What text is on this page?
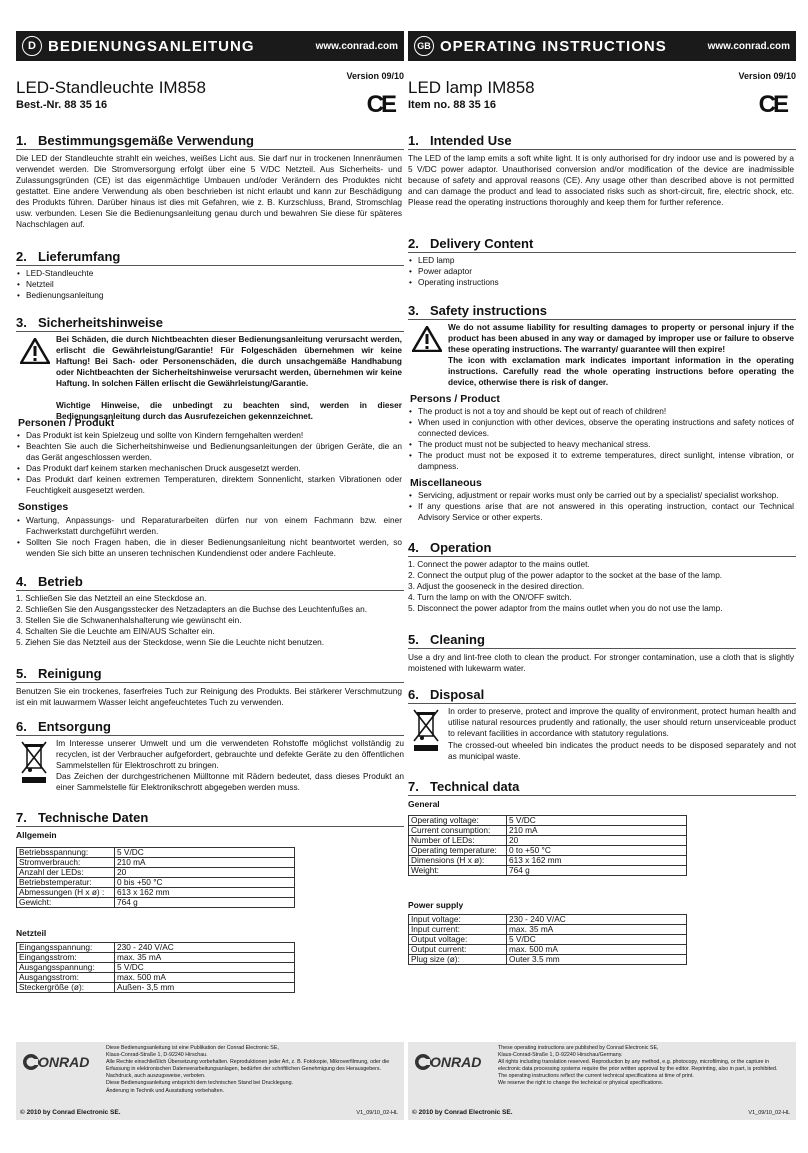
D BEDIENUNGSANLEITUNG	www.conrad.com
Version 09/10
LED-Standleuchte IM858
Best.-Nr. 88 35 16	CE
1. Bestimmungsgemäße Verwendung
Die LED der Standleuchte strahlt ein weiches, weißes Licht aus. Sie darf nur in trockenen Innenräumen verwendet werden. Die Stromversorgung erfolgt über eine 5 V/DC Netzteil. Aus Sicherheits- und Zulassungsgründen (CE) ist das eigenmächtige Umbauen und/oder Verändern des Produktes nicht gestattet. Eine andere Verwendung als oben beschrieben ist nicht erlaubt und kann zur Beschädigung des Produkts führen. Darüber hinaus ist dies mit Gefahren, wie z. B. Kurzschluss, Brand, Stromschlag usw. verbunden. Lesen Sie die Bedienungsanleitung genau durch und bewahren Sie diese für späteres Nachschlagen auf.
2. Lieferumfang
• LED-Standleuchte
• Netzteil
• Bedienungsanleitung
3. Sicherheitshinweise
Bei Schäden, die durch Nichtbeachten dieser Bedienungsanleitung verursacht werden, erlischt die Gewährleistung/Garantie! Für Folgeschäden übernehmen wir keine Haftung! Bei Sach- oder Personenschäden, die durch unsachgemäße Handhabung oder Nichtbeachten der Sicherheitshinweise verursacht werden, übernehmen wir keine Haftung. In solchen Fällen erlischt die Gewährleistung/Garantie.
Wichtige Hinweise, die unbedingt zu beachten sind, werden in dieser Bedienungsanleitung durch das Ausrufezeichen gekennzeichnet.
Personen / Produkt
• Das Produkt ist kein Spielzeug und sollte von Kindern ferngehalten werden!
• Beachten Sie auch die Sicherheitshinweise und Bedienungsanleitungen der übrigen Geräte, die an das Gerät angeschlossen werden.
• Das Produkt darf keinem starken mechanischen Druck ausgesetzt werden.
• Das Produkt darf keinen extremen Temperaturen, direktem Sonnenlicht, starken Vibrationen oder Feuchtigkeit ausgesetzt werden.
Sonstiges
• Wartung, Anpassungs- und Reparaturarbeiten dürfen nur von einem Fachmann bzw. einer Fachwerkstatt durchgeführt werden.
• Sollten Sie noch Fragen haben, die in dieser Bedienungsanleitung nicht beantwortet werden, so wenden Sie sich bitte an unseren technischen Kundendienst oder andere Fachleute.
4. Betrieb
1. Schließen Sie das Netzteil an eine Steckdose an.
2. Schließen Sie den Ausgangsstecker des Netzadapters an die Buchse des Leuchtenfußes an.
3. Stellen Sie die Schwanenhalshalterung wie gewünscht ein.
4. Schalten Sie die Leuchte am EIN/AUS Schalter ein.
5. Ziehen Sie das Netzteil aus der Steckdose, wenn Sie die Leuchte nicht benutzen.
5. Reinigung
Benutzen Sie ein trockenes, faserfreies Tuch zur Reinigung des Produkts. Bei stärkerer Verschmutzung ist ein mit lauwarmem Wasser leicht angefeuchtetes Tuch zu verwenden.
6. Entsorgung
Im Interesse unserer Umwelt und um die verwendeten Rohstoffe möglichst vollständig zu recyclen, ist der Verbraucher aufgefordert, gebrauchte und defekte Geräte zu den öffentlichen Sammelstellen für Elektroschrott zu bringen.
Das Zeichen der durchgestrichenen Mülltonne mit Rädern bedeutet, dass dieses Produkt an einer Sammelstelle für Elektronikschrott abgegeben werden muss.
7. Technische Daten
Allgemein
Betriebsspannung:	5 V/DC
Stromverbrauch:	210 mA
Anzahl der LEDs:	20
Betriebstemperatur:	0 bis +50 °C
Abmessungen (H x ø) :	613 x 162 mm
Gewicht:	764 g
Netzteil
Eingangsspannung:	230 - 240 V/AC
Eingangsstrom:	max. 35 mA
Ausgangsspannung:	5 V/DC
Ausgangsstrom:	max. 500 mA
Steckergröße (ø):	Außen- 3,5 mm
ONRAD
Diese Bedienungsanleitung ist eine Publikation der Conrad Electronic SE,
Klaus-Conrad-Straße 1, D-92240 Hirschau.
Alle Rechte einschließlich Übersetzung vorbehalten. Reproduktionen jeder Art, z. B. Fotokopie, Mikroverfilmung, oder die Erfassung in elektronischen Datenverarbeitungsanlagen, bedürfen der schriftlichen Genehmigung des Herausgebers. Nachdruck, auch auszugsweise, verboten.
Diese Bedienungsanleitung entspricht dem technischen Stand bei Drucklegung.
Änderung in Technik und Ausstattung vorbehalten.
© 2010 by Conrad Electronic SE.	V1_09/10_02-HL
GB OPERATING INSTRUCTIONS	www.conrad.com
Version 09/10
LED lamp IM858
Item no. 88 35 16	CE
1. Intended Use
The LED of the lamp emits a soft white light. It is only authorised for dry indoor use and is powered by a 5 V/DC power adaptor. Unauthorised conversion and/or modification of the device are inadmissible because of safety and approval reasons (CE). Any usage other than described above is not permitted and can damage the product and lead to associated risks such as short-circuit, fire, electric shock, etc. Please read the operating instructions thoroughly and keep them for further reference.
2. Delivery Content
• LED lamp
• Power adaptor
• Operating instructions
3. Safety instructions
We do not assume liability for resulting damages to property or personal injury if the product has been abused in any way or damaged by improper use or failure to observe these operating instructions. The warranty/ guarantee will then expire!
The icon with exclamation mark indicates important information in the operating instructions. Carefully read the whole operating instructions before operating the device, otherwise there is risk of danger.
Persons / Product
• The product is not a toy and should be kept out of reach of children!
• When used in conjunction with other devices, observe the operating instructions and safety notices of connected devices.
• The product must not be subjected to heavy mechanical stress.
• The product must not be exposed it to extreme temperatures, direct sunlight, intense vibration, or dampness.
Miscellaneous
• Servicing, adjustment or repair works must only be carried out by a specialist/ specialist workshop.
• If any questions arise that are not answered in this operating instruction, contact our Technical Advisory Service or other experts.
4. Operation
1. Connect the power adaptor to the mains outlet.
2. Connect the output plug of the power adaptor to the socket at the base of the lamp.
3. Adjust the gooseneck in the desired direction.
4. Turn the lamp on with the ON/OFF switch.
5. Disconnect the power adaptor from the mains outlet when you do not use the lamp.
5. Cleaning
Use a dry and lint-free cloth to clean the product. For stronger contamination, use a cloth that is slightly moistened with lukewarm water.
6. Disposal
In order to preserve, protect and improve the quality of environment, protect human health and utilise natural resources prudently and rationally, the user should return unserviceable product to relevant facilities in accordance with statutory regulations.
The crossed-out wheeled bin indicates the product needs to be disposed separately and not as municipal waste.
7. Technical data
General
Operating voltage:	5 V/DC
Current consumption:	210 mA
Number of LEDs:	20
Operating temperature:	0 to +50 °C
Dimensions (H x ø):	613 x 162 mm
Weight:	764 g
Power supply
Input voltage:	230 - 240 V/AC
Input current:	max. 35 mA
Output voltage:	5 V/DC
Output current:	max. 500 mA
Plug size (ø):	Outer 3.5 mm
ONRAD
These operating instructions are published by Conrad Electronic SE,
Klaus-Conrad-Straße 1, D-92240 Hirschau/Germany.
All rights including translation reserved. Reproduction by any method, e.g. photocopy, microfilming, or the capture in electronic data processing systems require the prior written approval by the editor. Reprinting, also in part, is prohibited.
The operating instructions reflect the current technical specifications at time of print.
We reserve the right to change the technical or physical specifications.
© 2010 by Conrad Electronic SE.	V1_09/10_02-HL
